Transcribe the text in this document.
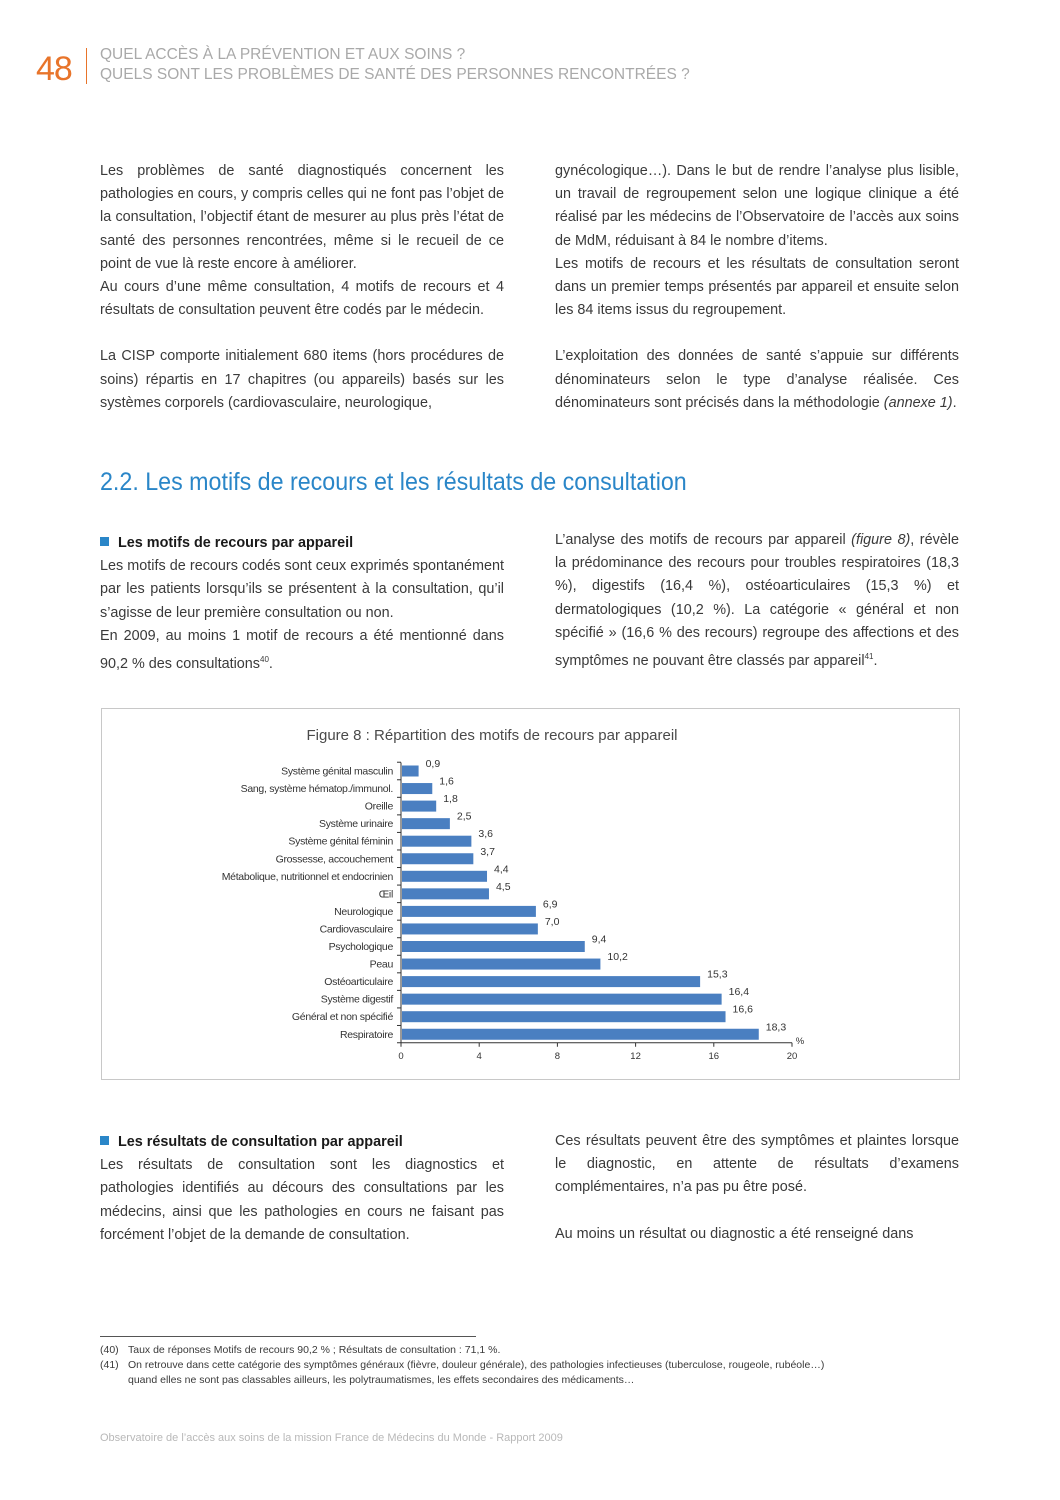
48 QUEL ACCÈS À LA PRÉVENTION ET AUX SOINS ?
QUELS SONT LES PROBLÈMES DE SANTÉ DES PERSONNES RENCONTRÉES ?

Les problèmes de santé diagnostiqués concernent les pathologies en cours, y compris celles qui ne font pas l’objet de la consultation, l’objectif étant de mesurer au plus près l’état de santé des personnes rencontrées, même si le recueil de ce point de vue là reste encore à améliorer.

Au cours d’une même consultation, 4 motifs de recours et 4 résultats de consultation peuvent être codés par le médecin.

La CISP comporte initialement 680 items (hors procédures de soins) répartis en 17 chapitres (ou appareils) basés sur les systèmes corporels (cardiovasculaire, neurologique,

gynécologique…). Dans le but de rendre l’analyse plus lisible, un travail de regroupement selon une logique clinique a été réalisé par les médecins de l’Observatoire de l’accès aux soins de MdM, réduisant à 84 le nombre d’items.

Les motifs de recours et les résultats de consultation seront dans un premier temps présentés par appareil et ensuite selon les 84 items issus du regroupement.

L’exploitation des données de santé s’appuie sur différents dénominateurs selon le type d’analyse réalisée. Ces dénominateurs sont précisés dans la méthodologie (annexe 1).

2.2. Les motifs de recours et les résultats de consultation

Les motifs de recours par appareil

Les motifs de recours codés sont ceux exprimés spontanément par les patients lorsqu’ils se présentent à la consultation, qu’il s’agisse de leur première consultation ou non.

En 2009, au moins 1 motif de recours a été mentionné dans 90,2 % des consultations$^{40}$.

L’analyse des motifs de recours par appareil (figure 8), révèle la prédominance des recours pour troubles respiratoires (18,3 %), digestifs (16,4 %), ostéoarticulaires (15,3 %) et dermatologiques (10,2 %). La catégorie « général et non spécifié » (16,6 % des recours) regroupe des affections et des symptômes ne pouvant être classés par appareil$^{41}$.

Figure 8 : Répartition des motifs de recours par appareil
Système génital masculin
0,9
Sang, système hématop./immunol.
1,6
Oreille
1,8
Système urinaire
2,5
Système génital féminin
3,6
Grossesse, accouchement
3,7
Métabolique, nutritionnel et endocrinien
4,4
Œil
4,5
Neurologique
6,9
Cardiovasculaire
7,0
Psychologique
9,4
Peau
10,2
Ostéoarticulaire
15,3
Système digestif
16,4
Général et non spécifié
16,6
Respiratoire
18,3
0	4	8	12	16	20
%

Les résultats de consultation par appareil

Les résultats de consultation sont les diagnostics et pathologies identifiés au décours des consultations par les médecins, ainsi que les pathologies en cours ne faisant pas forcément l’objet de la demande de consultation.

Ces résultats peuvent être des symptômes et plaintes lorsque le diagnostic, en attente de résultats d’examens complémentaires, n’a pas pu être posé.

Au moins un résultat ou diagnostic a été renseigné dans

(40) Taux de réponses Motifs de recours 90,2 % ; Résultats de consultation : 71,1 %.
(41) On retrouve dans cette catégorie des symptômes généraux (fièvre, douleur générale), des pathologies infectieuses (tuberculose, rougeole, rubéole…)
quand elles ne sont pas classables ailleurs, les polytraumatismes, les effets secondaires des médicaments…
Observatoire de l’accès aux soins de la mission France de Médecins du Monde - Rapport 2009
